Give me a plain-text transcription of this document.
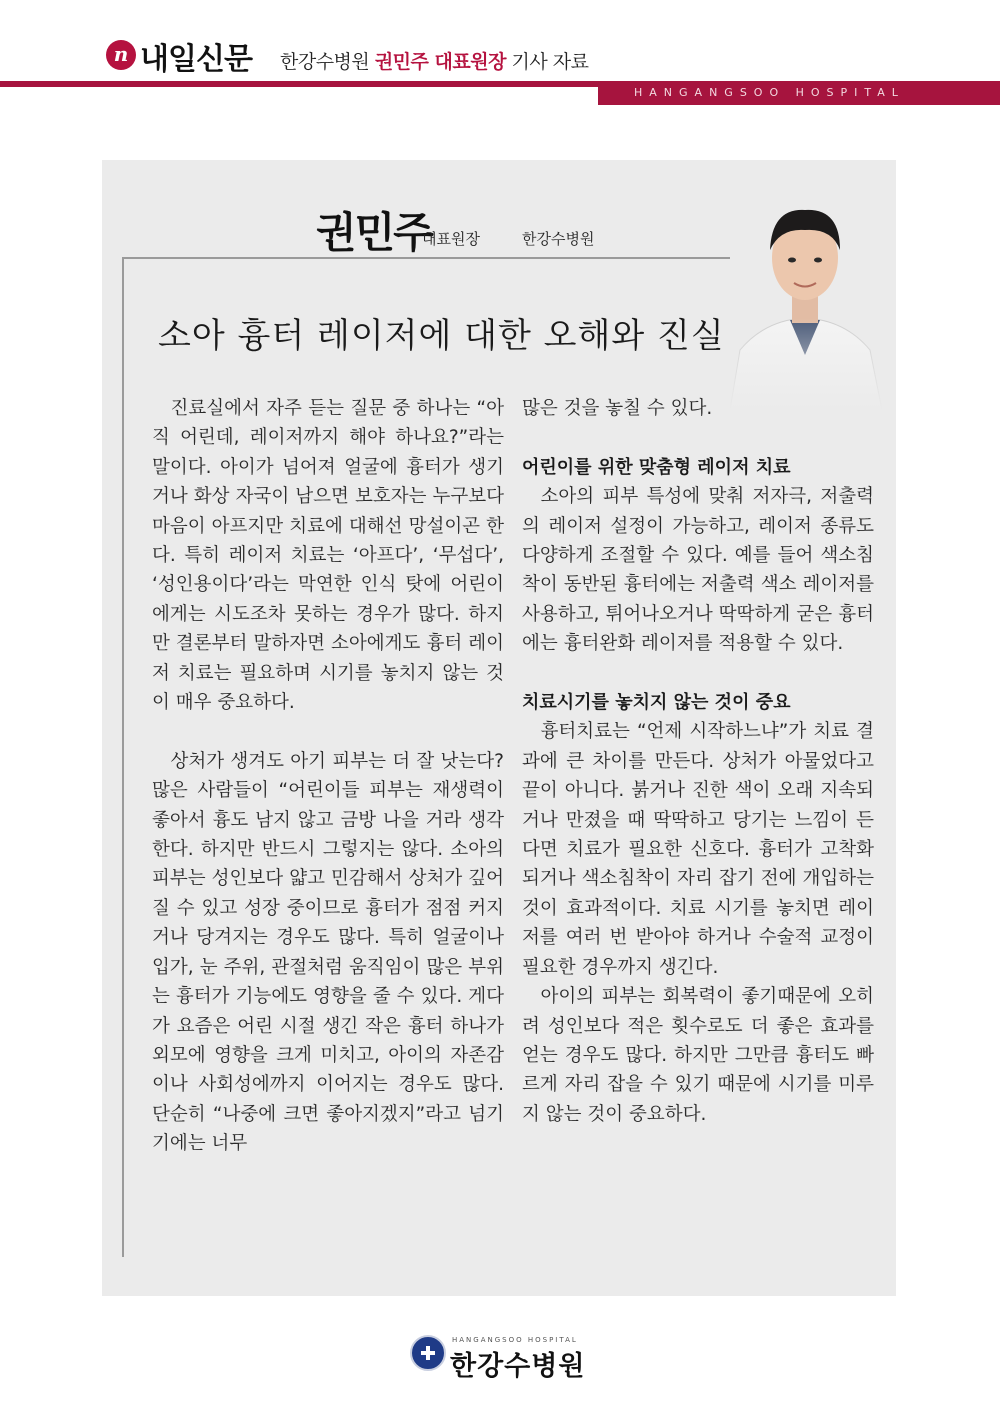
n 내일신문 한강수병원 권민주 대표원장 기사 자료
HANGANGSOO HOSPITAL
권민주
대표원장	한강수병원
소아 흉터 레이저에 대한 오해와 진실

진료실에서 자주 듣는 질문 중 하나는 “아직 어린데, 레이저까지 해야 하나요?”라는 말이다. 아이가 넘어져 얼굴에 흉터가 생기거나 화상 자국이 남으면 보호자는 누구보다 마음이 아프지만 치료에 대해선 망설이곤 한다. 특히 레이저 치료는 ‘아프다’, ‘무섭다’, ‘성인용이다’라는 막연한 인식 탓에 어린이에게는 시도조차 못하는 경우가 많다. 하지만 결론부터 말하자면 소아에게도 흉터 레이저 치료는 필요하며 시기를 놓치지 않는 것이 매우 중요하다.

상처가 생겨도 아기 피부는 더 잘 낫는다? 많은 사람들이 “어린이들 피부는 재생력이 좋아서 흉도 남지 않고 금방 나을 거라 생각한다. 하지만 반드시 그렇지는 않다. 소아의 피부는 성인보다 얇고 민감해서 상처가 깊어질 수 있고 성장 중이므로 흉터가 점점 커지거나 당겨지는 경우도 많다. 특히 얼굴이나 입가, 눈 주위, 관절처럼 움직임이 많은 부위는 흉터가 기능에도 영향을 줄 수 있다. 게다가 요즘은 어린 시절 생긴 작은 흉터 하나가 외모에 영향을 크게 미치고, 아이의 자존감이나 사회성에까지 이어지는 경우도 많다. 단순히 “나중에 크면 좋아지겠지”라고 넘기기에는 너무

많은 것을 놓칠 수 있다.

어린이를 위한 맞춤형 레이저 치료

소아의 피부 특성에 맞춰 저자극, 저출력의 레이저 설정이 가능하고, 레이저 종류도 다양하게 조절할 수 있다. 예를 들어 색소침착이 동반된 흉터에는 저출력 색소 레이저를 사용하고, 튀어나오거나 딱딱하게 굳은 흉터에는 흉터완화 레이저를 적용할 수 있다.

치료시기를 놓치지 않는 것이 중요

흉터치료는 “언제 시작하느냐”가 치료 결과에 큰 차이를 만든다. 상처가 아물었다고 끝이 아니다. 붉거나 진한 색이 오래 지속되거나 만졌을 때 딱딱하고 당기는 느낌이 든다면 치료가 필요한 신호다. 흉터가 고착화되거나 색소침착이 자리 잡기 전에 개입하는 것이 효과적이다. 치료 시기를 놓치면 레이저를 여러 번 받아야 하거나 수술적 교정이 필요한 경우까지 생긴다.

아이의 피부는 회복력이 좋기때문에 오히려 성인보다 적은 횟수로도 더 좋은 효과를 얻는 경우도 많다. 하지만 그만큼 흉터도 빠르게 자리 잡을 수 있기 때문에 시기를 미루지 않는 것이 중요하다.

HANGANGSOO HOSPITAL
한강수병원
